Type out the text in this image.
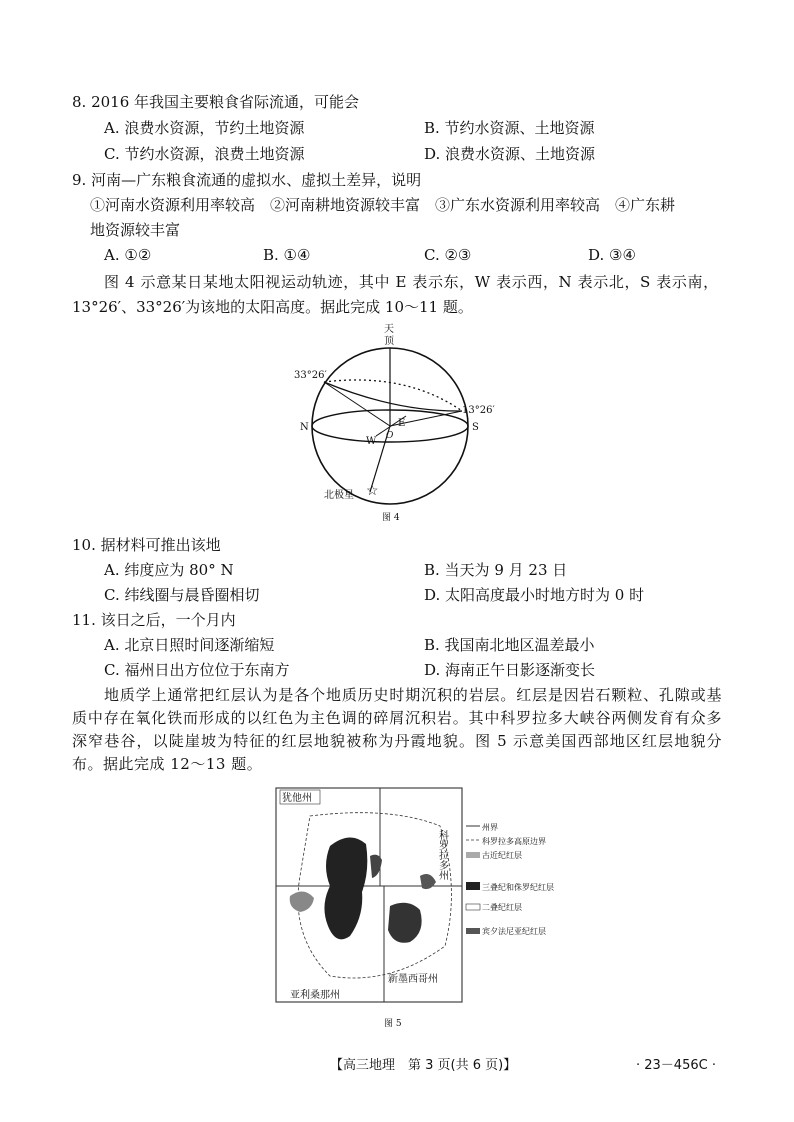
8. 2016 年我国主要粮食省际流通，可能会
A. 浪费水资源，节约土地资源	B. 节约水资源、土地资源
C. 节约水资源，浪费土地资源	D. 浪费水资源、土地资源
9. 河南—广东粮食流通的虚拟水、虚拟土差异，说明
①河南水资源利用率较高　②河南耕地资源较丰富　③广东水资源利用率较高　④广东耕
地资源较丰富
A. ①②	B. ①④	C. ②③	D. ③④
图 4 示意某日某地太阳视运动轨迹，其中 E 表示东，W 表示西，N 表示北，S 表示南，
13°26′、33°26′为该地的太阳高度。据此完成 10～11 题。
☆
天
顶
33°26′
13°26′
N	S
E
W O
北极星
图 4
10. 据材料可推出该地
A. 纬度应为 80° N	B. 当天为 9 月 23 日
C. 纬线圈与晨昏圈相切	D. 太阳高度最小时地方时为 0 时
11. 该日之后，一个月内
A. 北京日照时间逐渐缩短	B. 我国南北地区温差最小
C. 福州日出方位位于东南方	D. 海南正午日影逐渐变长
地质学上通常把红层认为是各个地质历史时期沉积的岩层。红层是因岩石颗粒、孔隙或基质中存在氧化铁而形成的以红色为主色调的碎屑沉积岩。其中科罗拉多大峡谷两侧发育有众多深窄巷谷，以陡崖坡为特征的红层地貌被称为丹霞地貌。图 5 示意美国西部地区红层地貌分布。据此完成 12～13 题。
犹他州
科罗拉多州
亚利桑那州
新墨西哥州
州界
科罗拉多高原边界
古近纪红层
三叠纪和侏罗纪红层
二叠纪红层
宾夕法尼亚纪红层
图 5
【高三地理　第 3 页(共 6 页)】	· 23－456C ·
